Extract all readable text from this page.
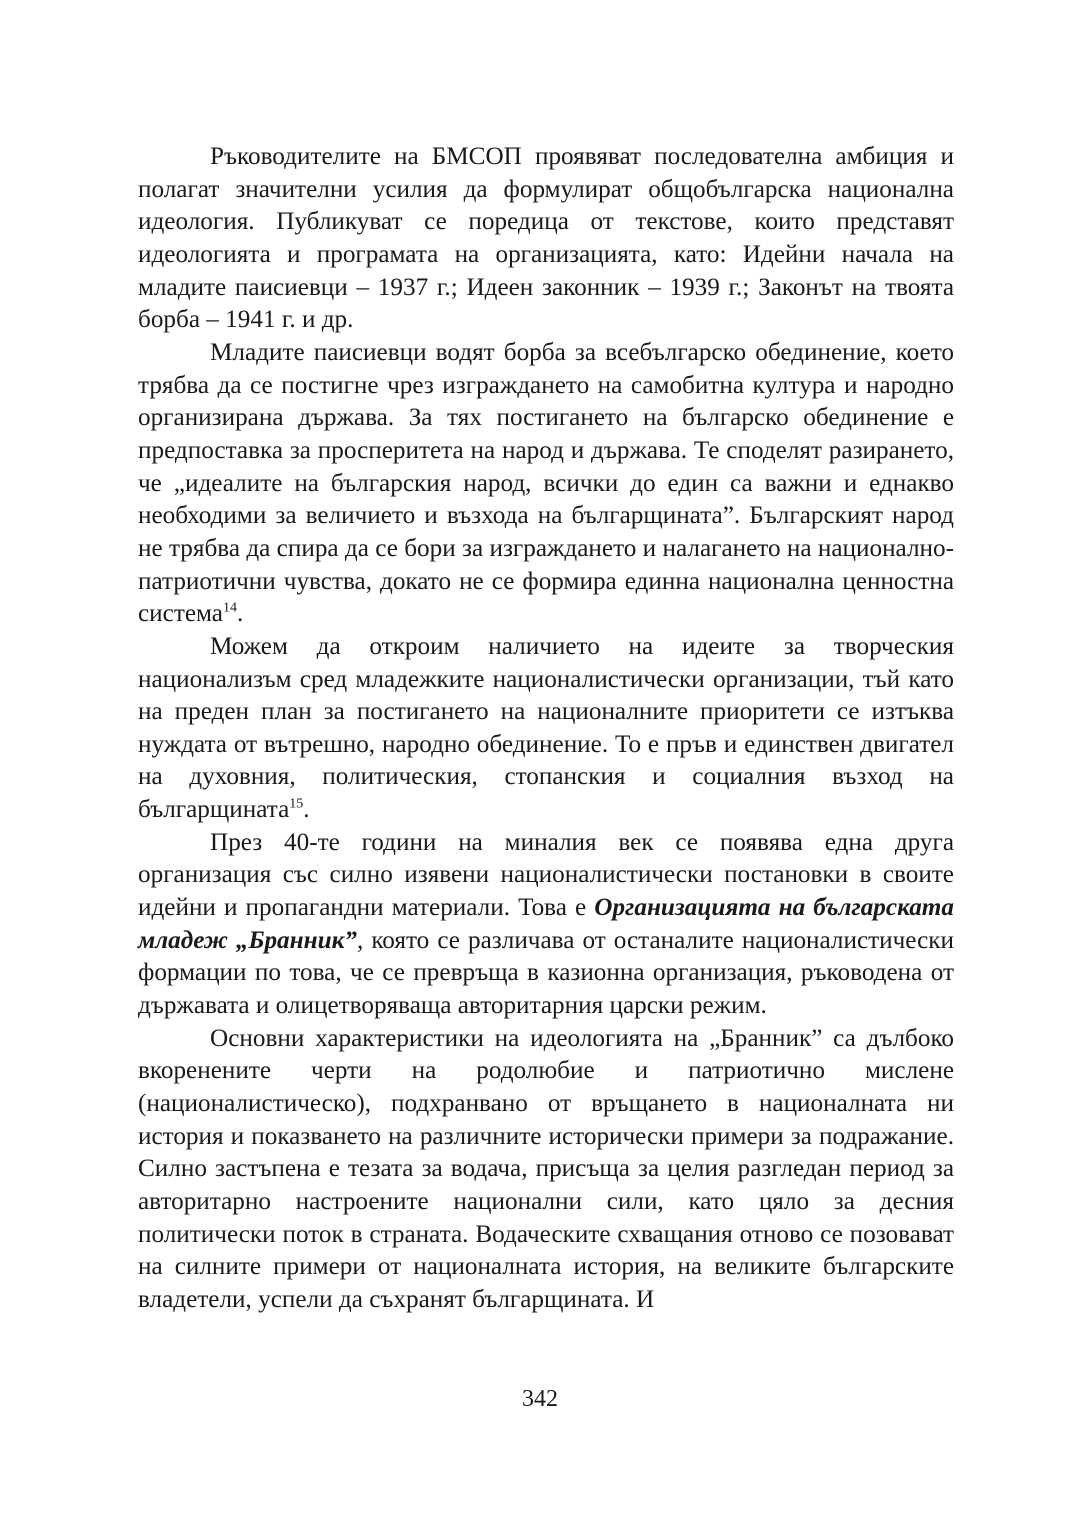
Ръководителите на БМСОП проявяват последователна амбиция и полагат значителни усилия да формулират общобългарска национална идеология. Публикуват се поредица от текстове, които представят идеологията и програмата на организацията, като: Идейни начала на младите паисиевци – 1937 г.; Идеен законник – 1939 г.; Законът на твоята борба – 1941 г. и др.

Младите паисиевци водят борба за всебългарско обединение, което трябва да се постигне чрез изграждането на самобитна култура и народно организирана държава. За тях постигането на българско обединение е предпоставка за просперитета на народ и държава. Те споделят разирането, че „идеалите на българския народ, всички до един са важни и еднакво необходими за величието и възхода на българщината”. Българският народ не трябва да спира да се бори за изграждането и налагането на национално-патриотични чувства, докато не се формира единна национална ценностна система$^{14}$.

Можем да откроим наличието на идеите за творческия национализъм сред младежките националистически организации, тъй като на преден план за постигането на националните приоритети се изтъква нуждата от вътрешно, народно обединение. То е пръв и единствен двигател на духовния, политическия, стопанския и социалния възход на българщината$^{15}$.

През 40-те години на миналия век се появява една друга организация със силно изявени националистически постановки в своите идейни и пропагандни материали. Това е Организацията на българската младеж „Бранник”, която се различава от останалите националистически формации по това, че се превръща в казионна организация, ръководена от държавата и олицетворяваща авторитарния царски режим.

Основни характеристики на идеологията на „Бранник” са дълбоко вкоренените черти на родолюбие и патриотично мислене (националистическо), подхранвано от връщането в националната ни история и показването на различните исторически примери за подражание. Силно застъпена е тезата за водача, присъща за целия разгледан период за авторитарно настроените национални сили, като цяло за десния политически поток в страната. Водаческите схващания отново се позовават на силните примери от националната история, на великите българските владетели, успели да съхранят българщината. И

342
